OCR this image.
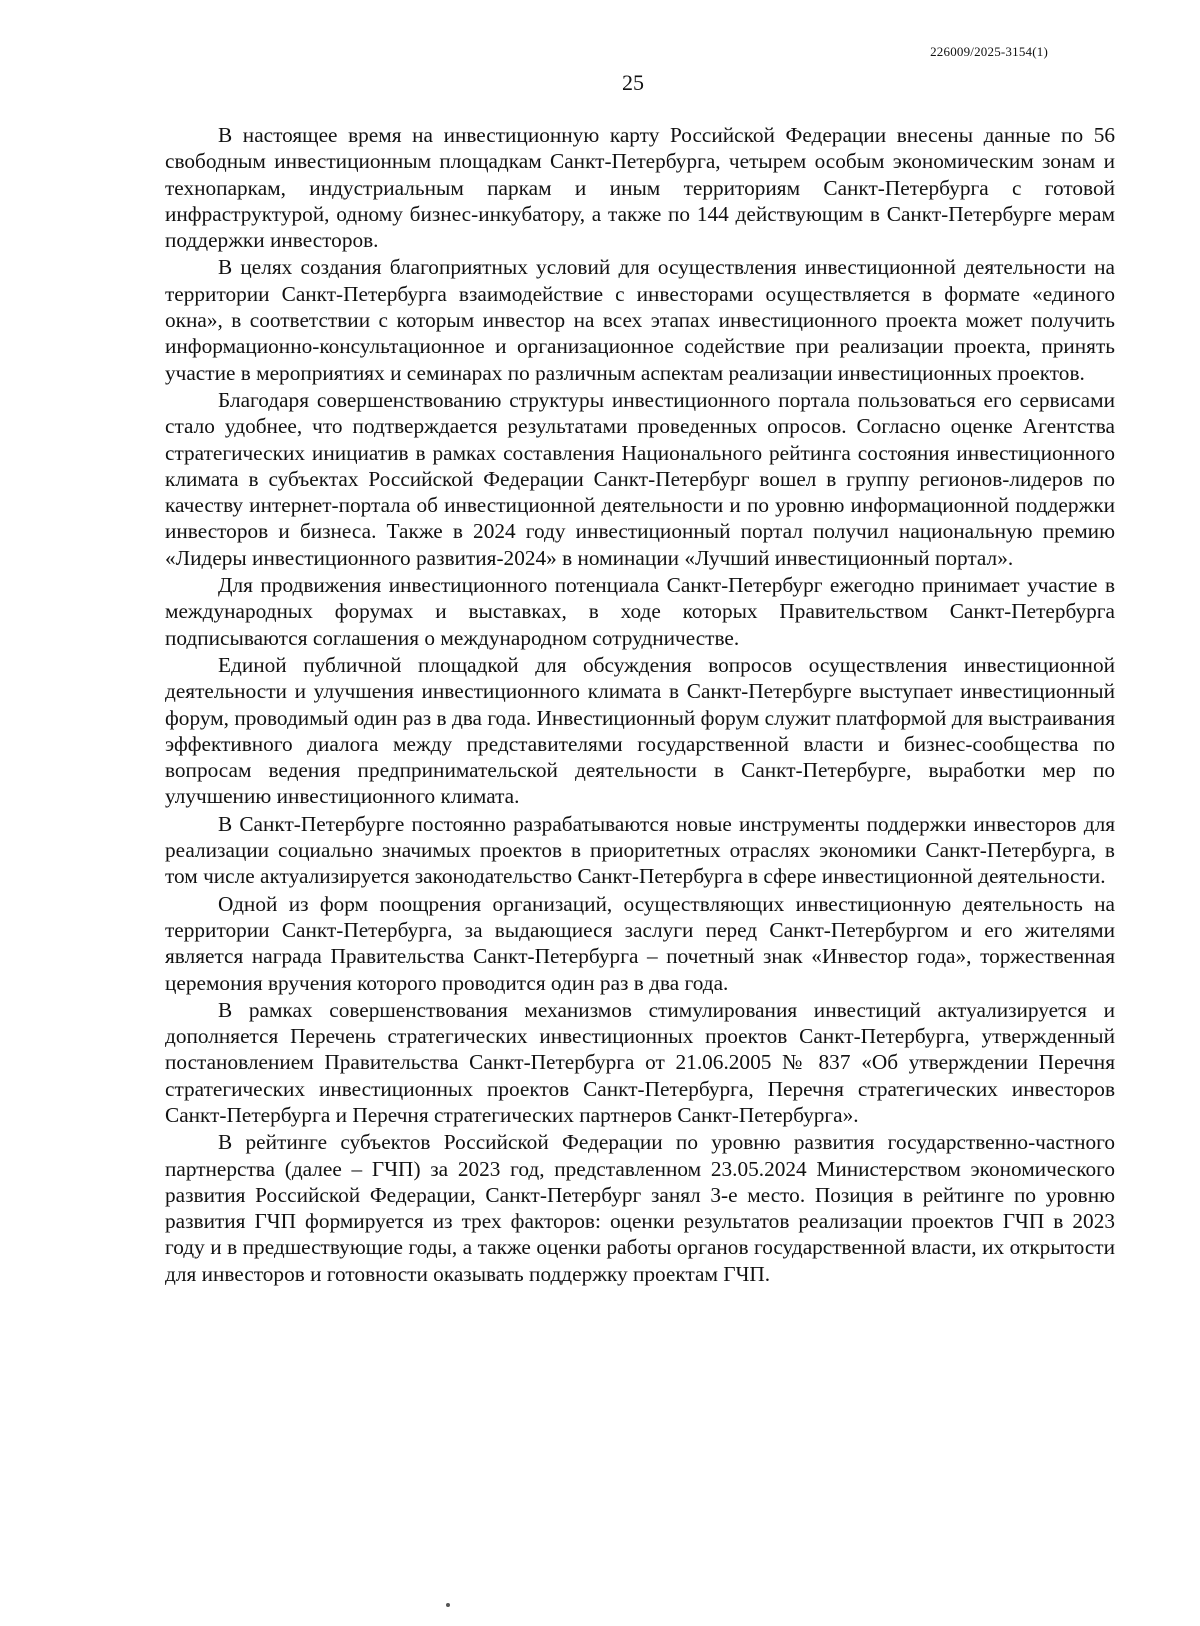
226009/2025-3154(1)
25

В настоящее время на инвестиционную карту Российской Федерации внесены данные по 56 свободным инвестиционным площадкам Санкт-Петербурга, четырем особым экономическим зонам и технопаркам, индустриальным паркам и иным территориям Санкт-Петербурга с готовой инфраструктурой, одному бизнес-инкубатору, а также по 144 действующим в Санкт-Петербурге мерам поддержки инвесторов.

В целях создания благоприятных условий для осуществления инвестиционной деятельности на территории Санкт-Петербурга взаимодействие с инвесторами осуществляется в формате «единого окна», в соответствии с которым инвестор на всех этапах инвестиционного проекта может получить информационно-консультационное и организационное содействие при реализации проекта, принять участие в мероприятиях и семинарах по различным аспектам реализации инвестиционных проектов.

Благодаря совершенствованию структуры инвестиционного портала пользоваться его сервисами стало удобнее, что подтверждается результатами проведенных опросов. Согласно оценке Агентства стратегических инициатив в рамках составления Национального рейтинга состояния инвестиционного климата в субъектах Российской Федерации Санкт-Петербург вошел в группу регионов-лидеров по качеству интернет-портала об инвестиционной деятельности и по уровню информационной поддержки инвесторов и бизнеса. Также в 2024 году инвестиционный портал получил национальную премию «Лидеры инвестиционного развития-2024» в номинации «Лучший инвестиционный портал».

Для продвижения инвестиционного потенциала Санкт-Петербург ежегодно принимает участие в международных форумах и выставках, в ходе которых Правительством Санкт-Петербурга подписываются соглашения о международном сотрудничестве.

Единой публичной площадкой для обсуждения вопросов осуществления инвестиционной деятельности и улучшения инвестиционного климата в Санкт-Петербурге выступает инвестиционный форум, проводимый один раз в два года. Инвестиционный форум служит платформой для выстраивания эффективного диалога между представителями государственной власти и бизнес-сообщества по вопросам ведения предпринимательской деятельности в Санкт-Петербурге, выработки мер по улучшению инвестиционного климата.

В Санкт-Петербурге постоянно разрабатываются новые инструменты поддержки инвесторов для реализации социально значимых проектов в приоритетных отраслях экономики Санкт-Петербурга, в том числе актуализируется законодательство Санкт-Петербурга в сфере инвестиционной деятельности.

Одной из форм поощрения организаций, осуществляющих инвестиционную деятельность на территории Санкт-Петербурга, за выдающиеся заслуги перед Санкт-Петербургом и его жителями является награда Правительства Санкт-Петербурга – почетный знак «Инвестор года», торжественная церемония вручения которого проводится один раз в два года.

В рамках совершенствования механизмов стимулирования инвестиций актуализируется и дополняется Перечень стратегических инвестиционных проектов Санкт-Петербурга, утвержденный постановлением Правительства Санкт-Петербурга от 21.06.2005 № 837 «Об утверждении Перечня стратегических инвестиционных проектов Санкт-Петербурга, Перечня стратегических инвесторов Санкт-Петербурга и Перечня стратегических партнеров Санкт-Петербурга».

В рейтинге субъектов Российской Федерации по уровню развития государственно-частного партнерства (далее – ГЧП) за 2023 год, представленном 23.05.2024 Министерством экономического развития Российской Федерации, Санкт-Петербург занял 3-е место. Позиция в рейтинге по уровню развития ГЧП формируется из трех факторов: оценки результатов реализации проектов ГЧП в 2023 году и в предшествующие годы, а также оценки работы органов государственной власти, их открытости для инвесторов и готовности оказывать поддержку проектам ГЧП.
